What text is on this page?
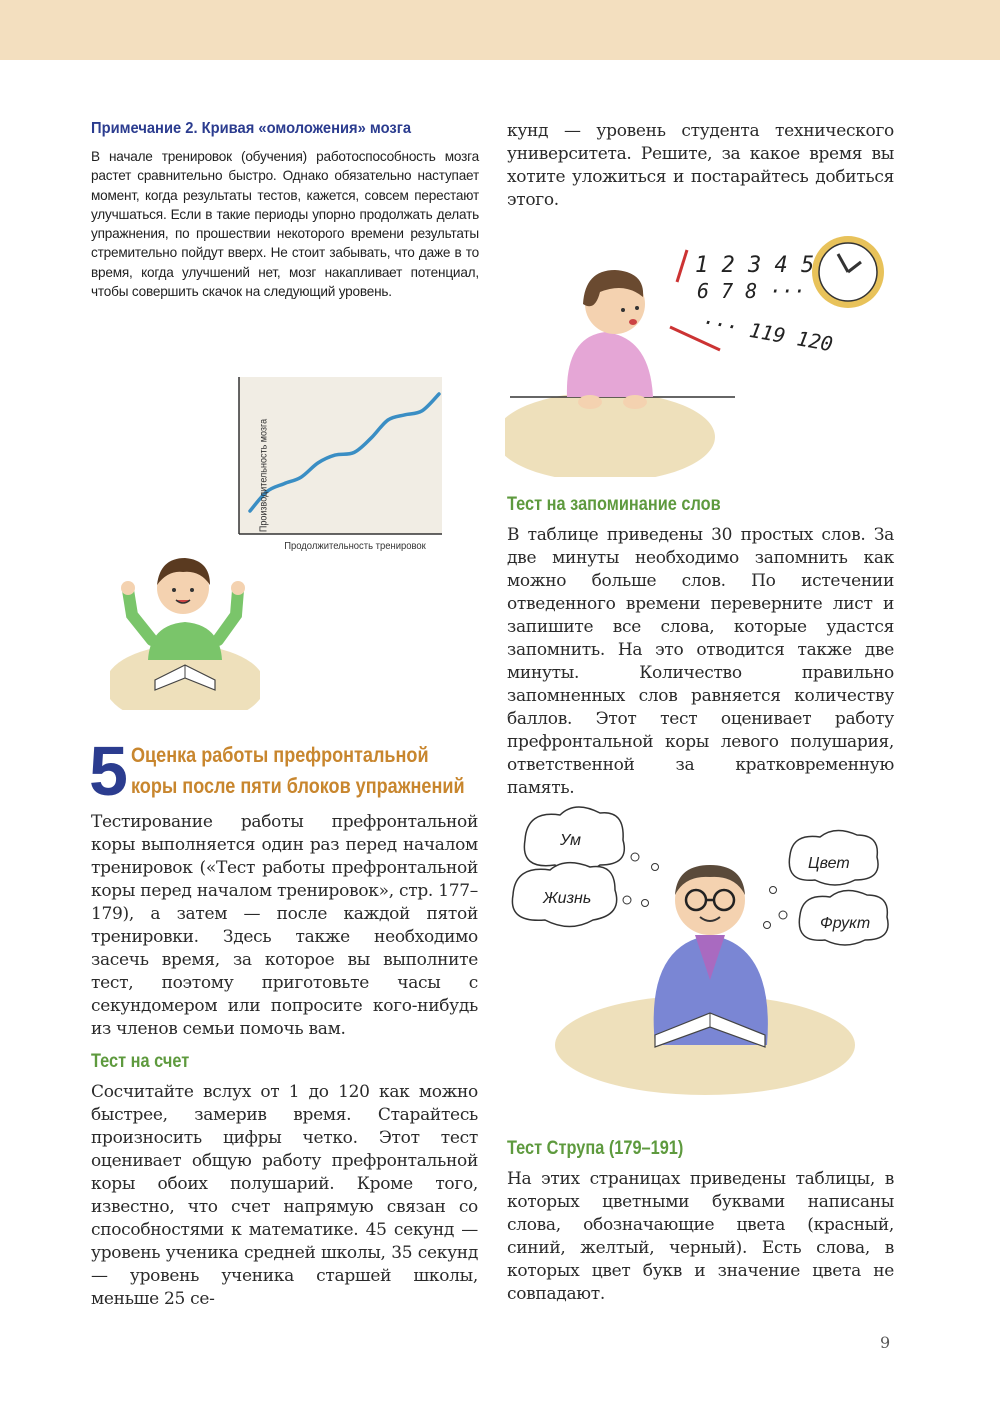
Примечание 2. Кривая «омоложения» мозга
В начале тренировок (обучения) работоспособность мозга растет сравнительно быстро. Однако обязательно наступает момент, когда результаты тестов, кажется, совсем перестают улучшаться. Если в такие периоды упорно продолжать делать упражнения, по прошествии некоторого времени результаты стремительно пойдут вверх. Не стоит забывать, что даже в то время, когда улучшений нет, мозг накапливает потенциал, чтобы совершить скачок на следующий уровень.
Производительность мозга
Продолжительность тренировок
5 Оценка работы префронтальной
коры после пяти блоков упражнений
Тестирование работы префронтальной коры выполняется один раз перед началом тренировок («Тест работы префронтальной коры перед началом тренировок», стр. 177–179), а затем — после каждой пятой тренировки. Здесь также необходимо засечь время, за которое вы выполните тест, поэтому приготовьте часы с секундомером или попросите кого-нибудь из членов семьи помочь вам.
Тест на счет
Сосчитайте вслух от 1 до 120 как можно быстрее, замерив время. Старайтесь произносить цифры четко. Этот тест оценивает общую работу префронтальной коры обоих полушарий. Кроме того, известно, что счет напрямую связан со способностями к математике. 45 секунд — уровень ученика средней школы, 35 секунд — уровень ученика старшей школы, меньше 25 се-
кунд — уровень студента технического университета. Решите, за какое время вы хотите уложиться и постарайтесь добиться этого.
1 2 3 4 5
6 7 8 ···
··· 119 120
Тест на запоминание слов
В таблице приведены 30 простых слов. За две минуты необходимо запомнить как можно больше слов. По истечении отведенного времени переверните лист и запишите все слова, которые удастся запомнить. На это отводится также две минуты. Количество правильно запомненных слов равняется количеству баллов. Этот тест оценивает работу префронтальной коры левого полушария, ответственной за кратковременную память.
Ум
Жизнь
Цвет
Фрукт
Тест Струпа (179–191)
На этих страницах приведены таблицы, в которых цветными буквами написаны слова, обозначающие цвета (красный, синий, желтый, черный). Есть слова, в которых цвет букв и значение цвета не совпадают.
9
